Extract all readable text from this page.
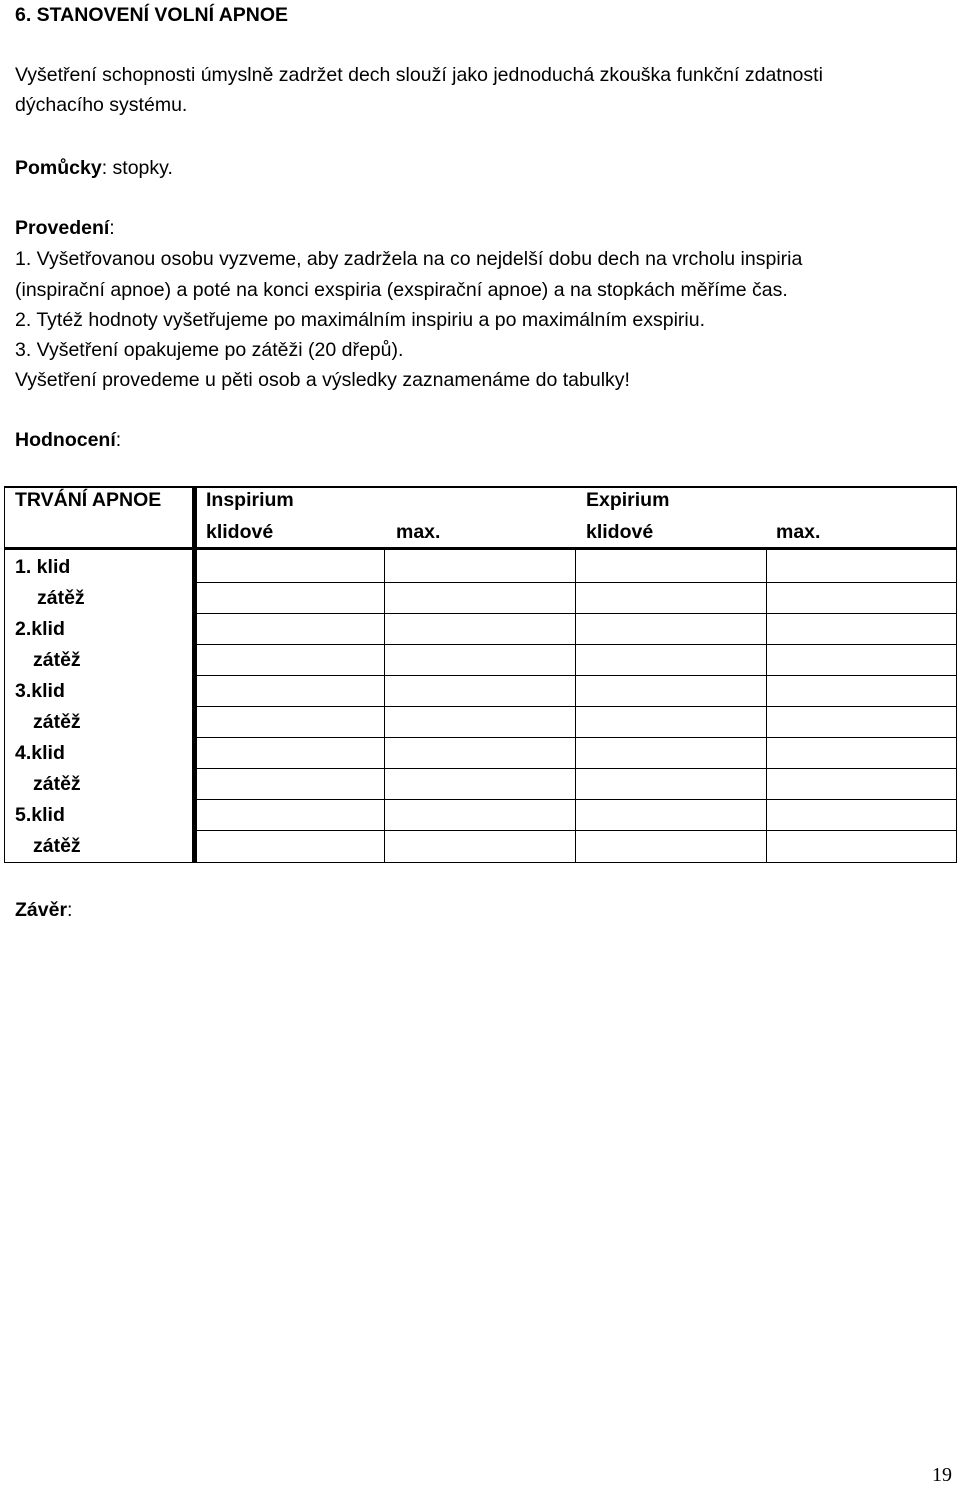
6. STANOVENÍ VOLNÍ APNOE
Vyšetření schopnosti úmyslně zadržet dech slouží jako jednoduchá zkouška funkční zdatnosti
dýchacího systému.
Pomůcky: stopky.
Provedení:
1. Vyšetřovanou osobu vyzveme, aby zadržela na co nejdelší dobu dech na vrcholu inspiria
(inspirační apnoe) a poté na konci exspiria (exspirační apnoe) a na stopkách měříme čas.
2. Tytéž hodnoty vyšetřujeme po maximálním inspiriu a po maximálním exspiriu.
3. Vyšetření opakujeme po zátěži (20 dřepů).
Vyšetření provedeme u pěti osob a výsledky zaznamenáme do tabulky!
Hodnocení:
TRVÁNÍ APNOE Inspirium	Expirium
klidové	max.	klidové	max.
1. klid
zátěž
2.klid
zátěž
3.klid
zátěž
4.klid
zátěž
5.klid
zátěž
Závěr:
19
